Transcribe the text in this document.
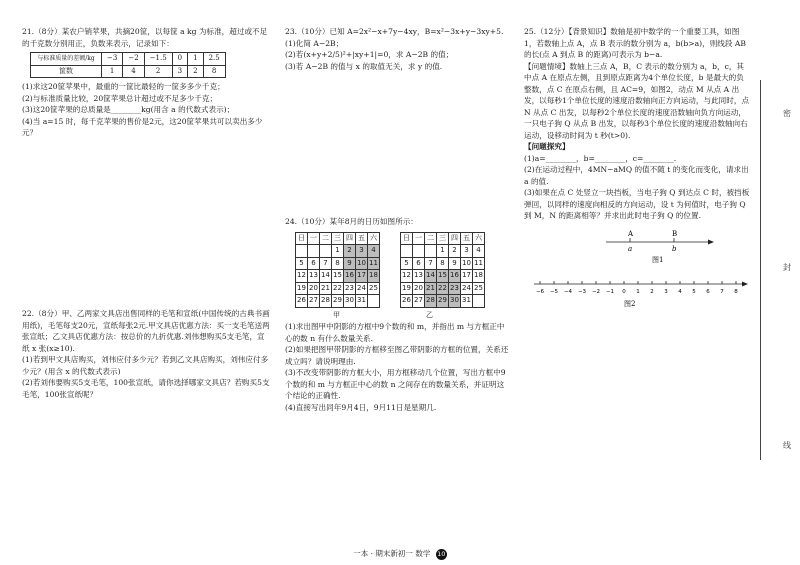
21.（8分）某农户销苹果，共摘20筐，以每筐 a kg 为标准，超过或不足的千克数分别用正，负数来表示，记录如下：

与标准质量的差额/kg	−3	−2	−1.5	0	1	2.5
筐数	1	4	2	3	2	8

(1)求这20筐苹果中，最重的一筐比最轻的一筐多多少千克；

(2)与标准质量比较，20筐苹果总计超过或不足多少千克；

(3)这20筐苹果的总质量是________kg(用含 a 的代数式表示)；

(4)当 a=15 时，每千克苹果的售价是2元，这20筐苹果共可以卖出多少元？

22.（8分）甲、乙两家文具店出售同样的毛笔和宣纸(中国传统的古典书画用纸)，毛笔每支20元，宣纸每张2元.甲文具店优惠方法：买一支毛笔送两张宣纸；乙文具店优惠方法：按总价的九折优惠.刘伟想购买5支毛笔，宣纸 x 张(x≥10).

(1)若到甲文具店购买，刘伟应付多少元？若到乙文具店购买，刘伟应付多少元？(用含 x 的代数式表示)

(2)若刘伟要购买5支毛笔，100张宣纸，请你选择哪家文具店？若购买5支毛笔，100张宣纸呢？

23.（10分）已知 A=2x²−x+7y−4xy，B=x²−3x+y−3xy+5.

(1)化简 A−2B；

(2)若(x+y+2/5)²+|xy+1|=0，求 A−2B 的值；

(3)若 A−2B 的值与 x 的取值无关，求 y 的值.

24.（10分）某年8月的日历如图所示：

日	一	二	三	四	五	六
			1	2	3	4
5	6	7	8	9	10	11
12	13	14	15	16	17	18
19	20	21	22	23	24	25
26	27	28	29	30	31	
日	一	二	三	四	五	六
			1	2	3	4
5	6	7	8	9	10	11
12	13	14	15	16	17	18
19	20	21	22	23	24	25
26	27	28	29	30	31	
甲	乙

(1)求出图甲中阴影的方框中9个数的和 m，并指出 m 与方框正中心的数 n 有什么数量关系.

(2)如果把图甲带阴影的方框移至图乙带阴影的方框的位置，关系还成立吗？请说明理由.

(3)不改变带阴影的方框大小，用方框移动几个位置，写出方框中9个数的和 m 与方框正中心的数 n 之间存在的数量关系，并证明这个结论的正确性.

(4)直接写出同年9月4日，9月11日是星期几.

25.（12分）【背景知识】数轴是初中数学的一个重要工具，如图1，若数轴上点 A，点 B 表示的数分别为 a，b(b>a)，则线段 AB 的长(点 A 到点 B 的距离)可表示为 b−a.

【问题情境】数轴上三点 A，B，C 表示的数分别为 a，b，c，其中点 A 在原点左侧，且到原点距离为4个单位长度，b 是最大的负整数，点 C 在原点右侧，且 AC=9，如图2，动点 M 从点 A 出发，以每秒1个单位长度的速度沿数轴向正方向运动，与此同时，点 N 从点 C 出发，以每秒2个单位长度的速度沿数轴向负方向运动，一只电子狗 Q 从点 B 出发，以每秒3个单位长度的速度沿数轴向右运动，设移动时间为 t 秒(t>0).

【问题探究】

(1)a=________，b=________，c=________.

(2)在运动过程中，4MN−aMQ 的值不随 t 的变化而变化，请求出 a 的值.

(3)如果在点 C 处竖立一块挡板，当电子狗 Q 到达点 C 时，被挡板弹回，以同样的速度向相反的方向运动，设 t 为何值时，电子狗 Q 到 M，N 的距离相等？并求出此时电子狗 Q 的位置.

A	B
a	b
图1
−6 −5 −4 −3 −2 −1 0 1 2 3 4 5 6 7 8
图2
密
封
线
一本 · 期末新初一 数学 10
